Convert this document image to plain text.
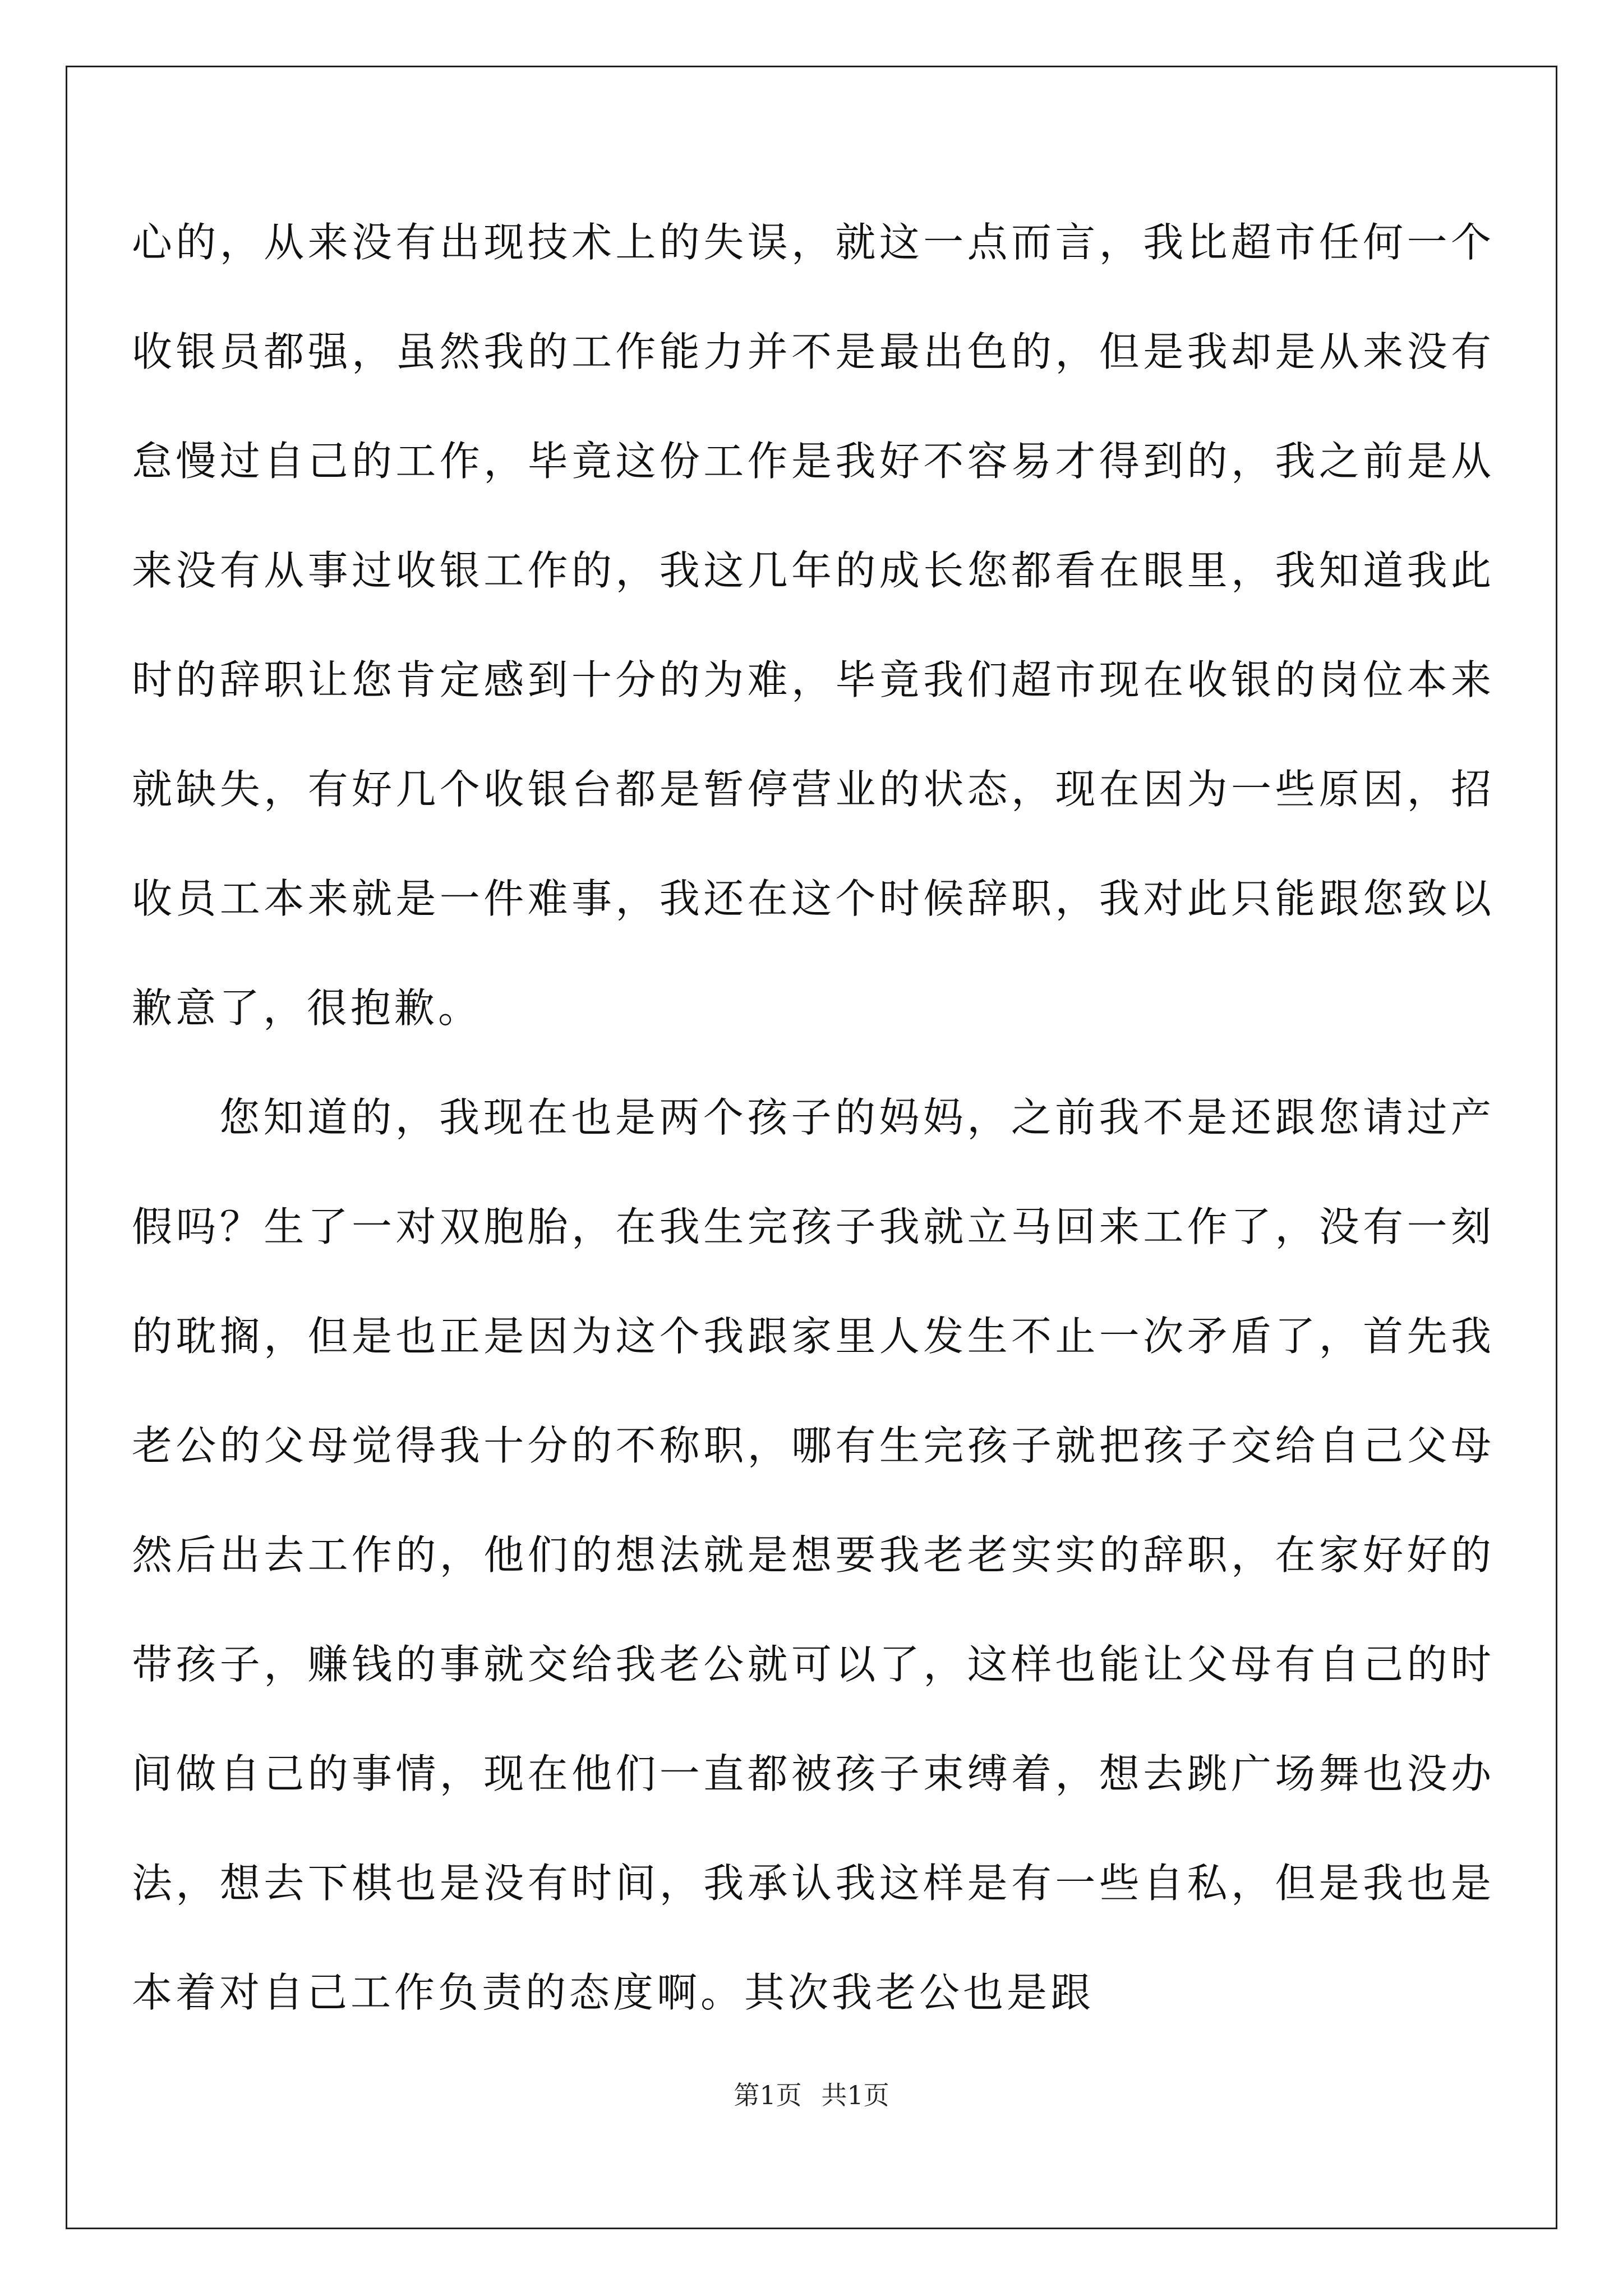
心的，从来没有出现技术上的失误，就这一点而言，我比超市任何一个收银员都强，虽然我的工作能力并不是最出色的，但是我却是从来没有怠慢过自己的工作，毕竟这份工作是我好不容易才得到的，我之前是从来没有从事过收银工作的，我这几年的成长您都看在眼里，我知道我此时的辞职让您肯定感到十分的为难，毕竟我们超市现在收银的岗位本来就缺失，有好几个收银台都是暂停营业的状态，现在因为一些原因，招收员工本来就是一件难事，我还在这个时候辞职，我对此只能跟您致以歉意了，很抱歉。

您知道的，我现在也是两个孩子的妈妈，之前我不是还跟您请过产假吗？生了一对双胞胎，在我生完孩子我就立马回来工作了，没有一刻的耽搁，但是也正是因为这个我跟家里人发生不止一次矛盾了，首先我老公的父母觉得我十分的不称职，哪有生完孩子就把孩子交给自己父母然后出去工作的，他们的想法就是想要我老老实实的辞职，在家好好的带孩子，赚钱的事就交给我老公就可以了，这样也能让父母有自己的时间做自己的事情，现在他们一直都被孩子束缚着，想去跳广场舞也没办法，想去下棋也是没有时间，我承认我这样是有一些自私，但是我也是本着对自己工作负责的态度啊。其次我老公也是跟

第1页 共1页
